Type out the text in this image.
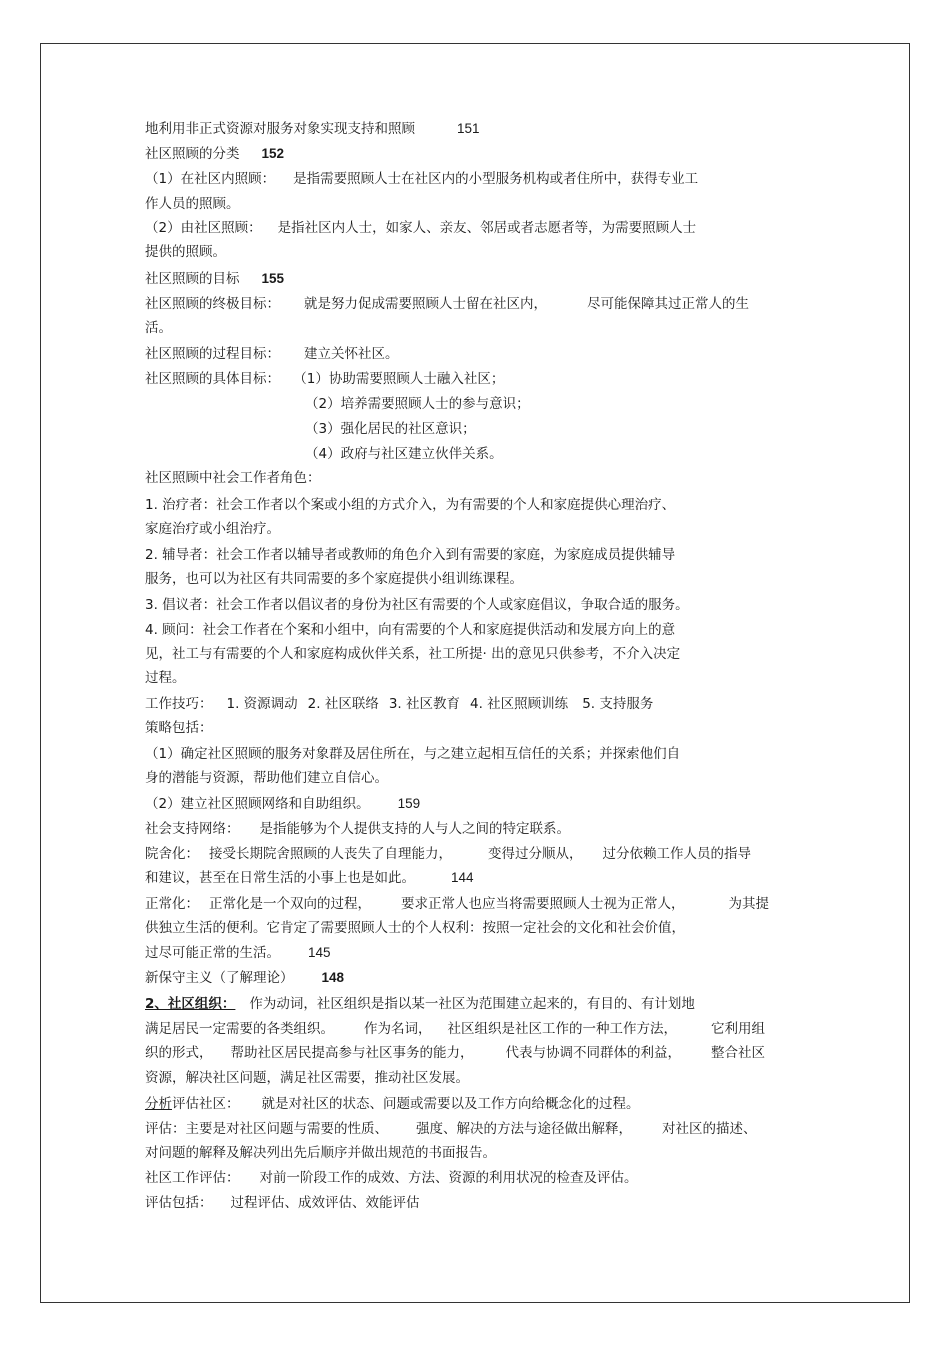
地利用非正式资源对服务对象实现支持和照顾	151
社区照顾的分类 152
（1）在社区内照顾： 是指需要照顾人士在社区内的小型服务机构或者住所中，获得专业工
作人员的照顾。
（2）由社区照顾： 是指社区内人士，如家人、亲友、邻居或者志愿者等，为需要照顾人士
提供的照顾。
社区照顾的目标 155
社区照顾的终极目标： 就是努力促成需要照顾人士留在社区内，	尽可能保障其过正常人的生
活。
社区照顾的过程目标： 建立关怀社区。
社区照顾的具体目标： （1）协助需要照顾人士融入社区；
（2）培养需要照顾人士的参与意识；
（3）强化居民的社区意识；
（4）政府与社区建立伙伴关系。
社区照顾中社会工作者角色：
1. 治疗者：社会工作者以个案或小组的方式介入，为有需要的个人和家庭提供心理治疗、
家庭治疗或小组治疗。
2. 辅导者：社会工作者以辅导者或教师的角色介入到有需要的家庭，为家庭成员提供辅导
服务，也可以为社区有共同需要的多个家庭提供小组训练课程。
3. 倡议者：社会工作者以倡议者的身份为社区有需要的个人或家庭倡议，争取合适的服务。
4. 顾问：社会工作者在个案和小组中，向有需要的个人和家庭提供活动和发展方向上的意
见，社工与有需要的个人和家庭构成伙伴关系，社工所提· 出的意见只供参考，不介入决定
过程。
工作技巧： 1. 资源调动 2. 社区联络 3. 社区教育 4. 社区照顾训练 5. 支持服务
策略包括：
（1）确定社区照顾的服务对象群及居住所在，与之建立起相互信任的关系；并探索他们自
身的潜能与资源，帮助他们建立自信心。
（2）建立社区照顾网络和自助组织。 159
社会支持网络： 是指能够为个人提供支持的人与人之间的特定联系。
院舍化： 接受长期院舍照顾的人丧失了自理能力，	变得过分顺从， 过分依赖工作人员的指导
和建议，甚至在日常生活的小事上也是如此。	144
正常化： 正常化是一个双向的过程， 要求正常人也应当将需要照顾人士视为正常人，	为其提
供独立生活的便利。它肯定了需要照顾人士的个人权利：按照一定社会的文化和社会价值，
过尽可能正常的生活。 145
新保守主义（了解理论） 148
2、社区组织： 作为动词，社区组织是指以某一社区为范围建立起来的，有目的、有计划地
满足居民一定需要的各类组织。 作为名词， 社区组织是社区工作的一种工作方法，	它利用组
织的形式， 帮助社区居民提高参与社区事务的能力， 代表与协调不同群体的利益， 整合社区
资源，解决社区问题，满足社区需要，推动社区发展。
分析评估社区： 就是对社区的状态、问题或需要以及工作方向给概念化的过程。
评估：主要是对社区问题与需要的性质、 强度、解决的方法与途径做出解释， 对社区的描述、
对问题的解释及解决列出先后顺序并做出规范的书面报告。
社区工作评估： 对前一阶段工作的成效、方法、资源的利用状况的检查及评估。
评估包括： 过程评估、成效评估、效能评估
